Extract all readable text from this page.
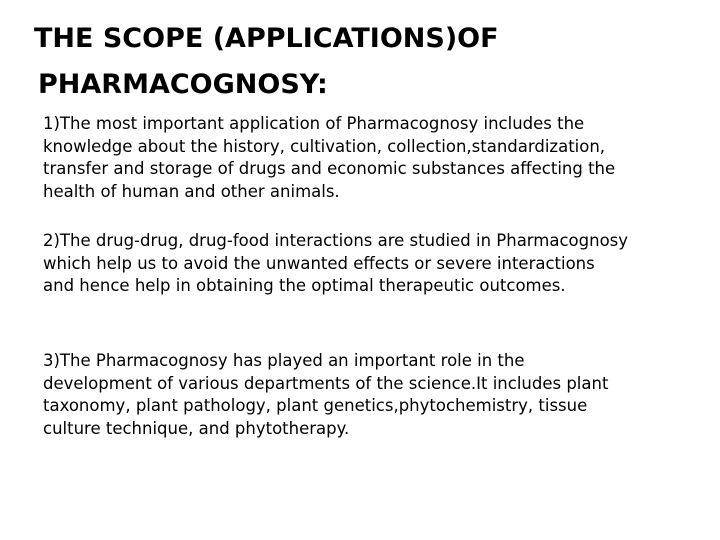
THE SCOPE (APPLICATIONS)OF
PHARMACOGNOSY:
1)The most important application of Pharmacognosy includes the
knowledge about the history, cultivation, collection,standardization,
transfer and storage of drugs and economic substances affecting the
health of human and other animals.
2)The drug-drug, drug-food interactions are studied in Pharmacognosy
which help us to avoid the unwanted effects or severe interactions
and hence help in obtaining the optimal therapeutic outcomes.
3)The Pharmacognosy has played an important role in the
development of various departments of the science.It includes plant
taxonomy, plant pathology, plant genetics,phytochemistry, tissue
culture technique, and phytotherapy.
